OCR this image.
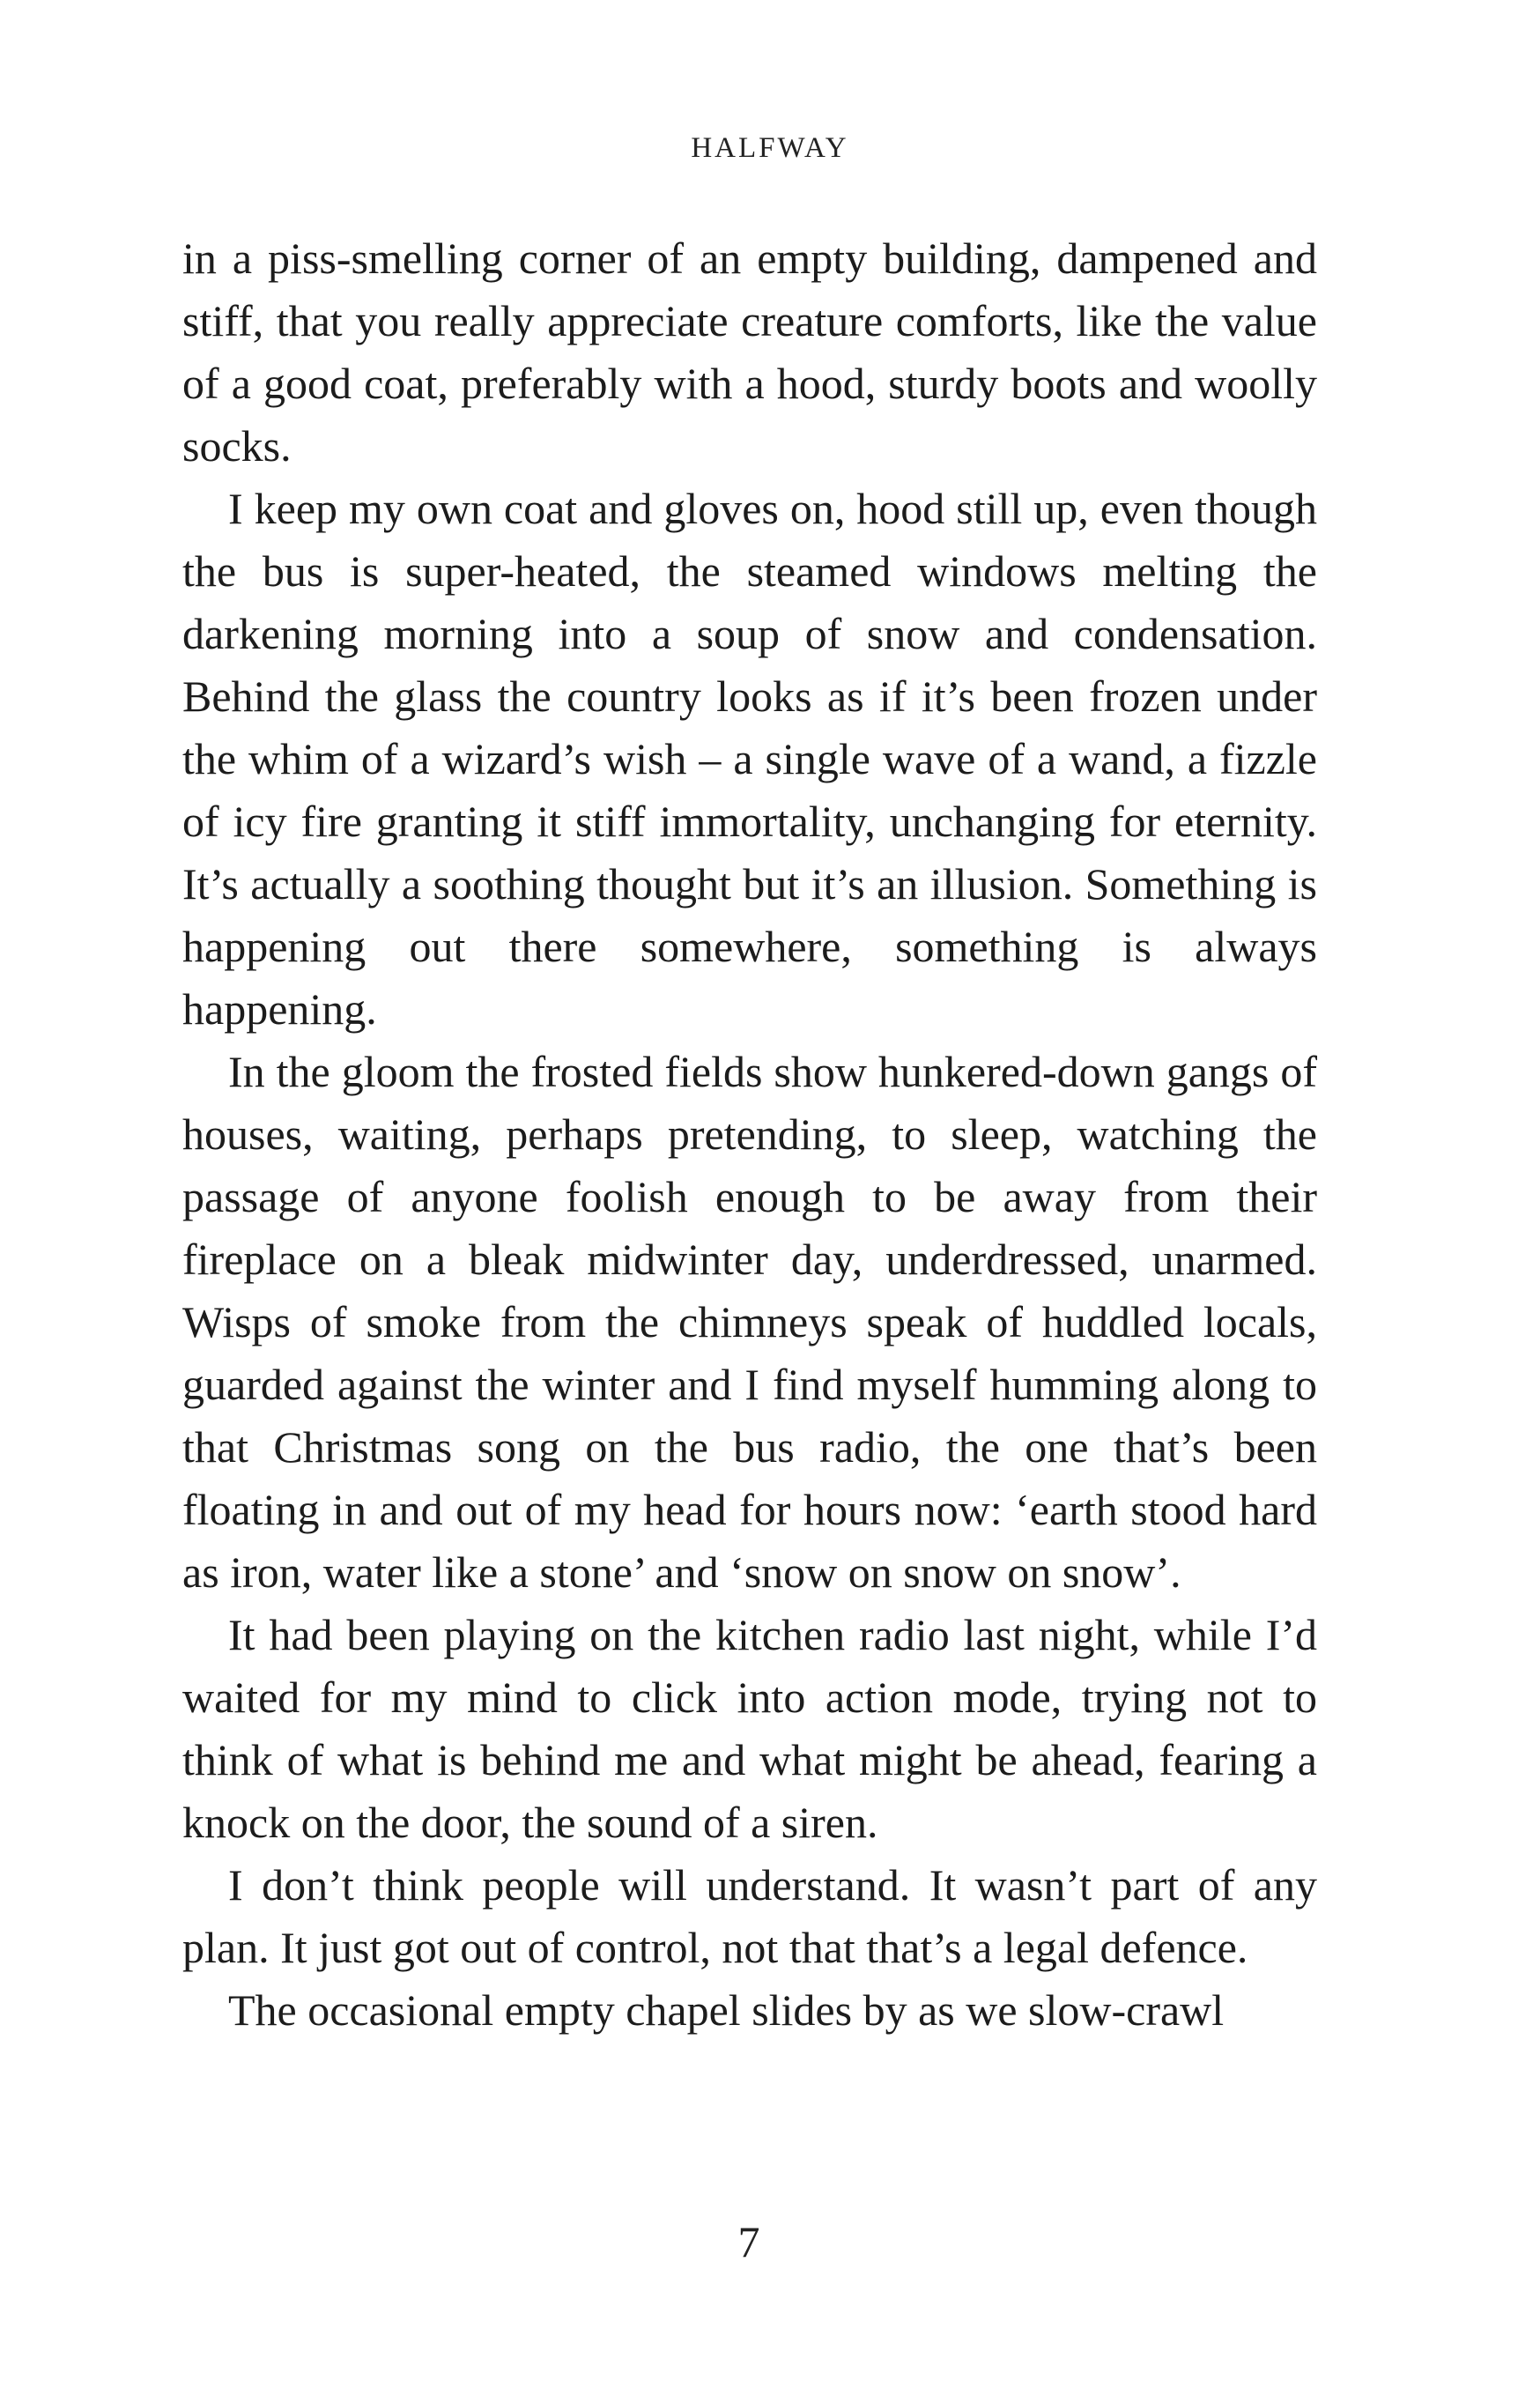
HALFWAY

in a piss-smelling corner of an empty building, dampened and stiff, that you really appreciate creature comforts, like the value of a good coat, preferably with a hood, sturdy boots and woolly socks.

I keep my own coat and gloves on, hood still up, even though the bus is super-heated, the steamed windows melting the darkening morning into a soup of snow and condensation. Behind the glass the country looks as if it’s been frozen under the whim of a wizard’s wish – a single wave of a wand, a fizzle of icy fire granting it stiff immortality, unchanging for eternity. It’s actually a soothing thought but it’s an illusion. Something is happening out there somewhere, something is always happening.

In the gloom the frosted fields show hunkered-down gangs of houses, waiting, perhaps pretending, to sleep, watching the passage of anyone foolish enough to be away from their fireplace on a bleak midwinter day, underdressed, unarmed. Wisps of smoke from the chimneys speak of huddled locals, guarded against the winter and I find myself humming along to that Christmas song on the bus radio, the one that’s been floating in and out of my head for hours now: ‘earth stood hard as iron, water like a stone’ and ‘snow on snow on snow’.

It had been playing on the kitchen radio last night, while I’d waited for my mind to click into action mode, trying not to think of what is behind me and what might be ahead, fearing a knock on the door, the sound of a siren.

I don’t think people will understand. It wasn’t part of any plan. It just got out of control, not that that’s a legal defence.

The occasional empty chapel slides by as we slow-crawl

7
